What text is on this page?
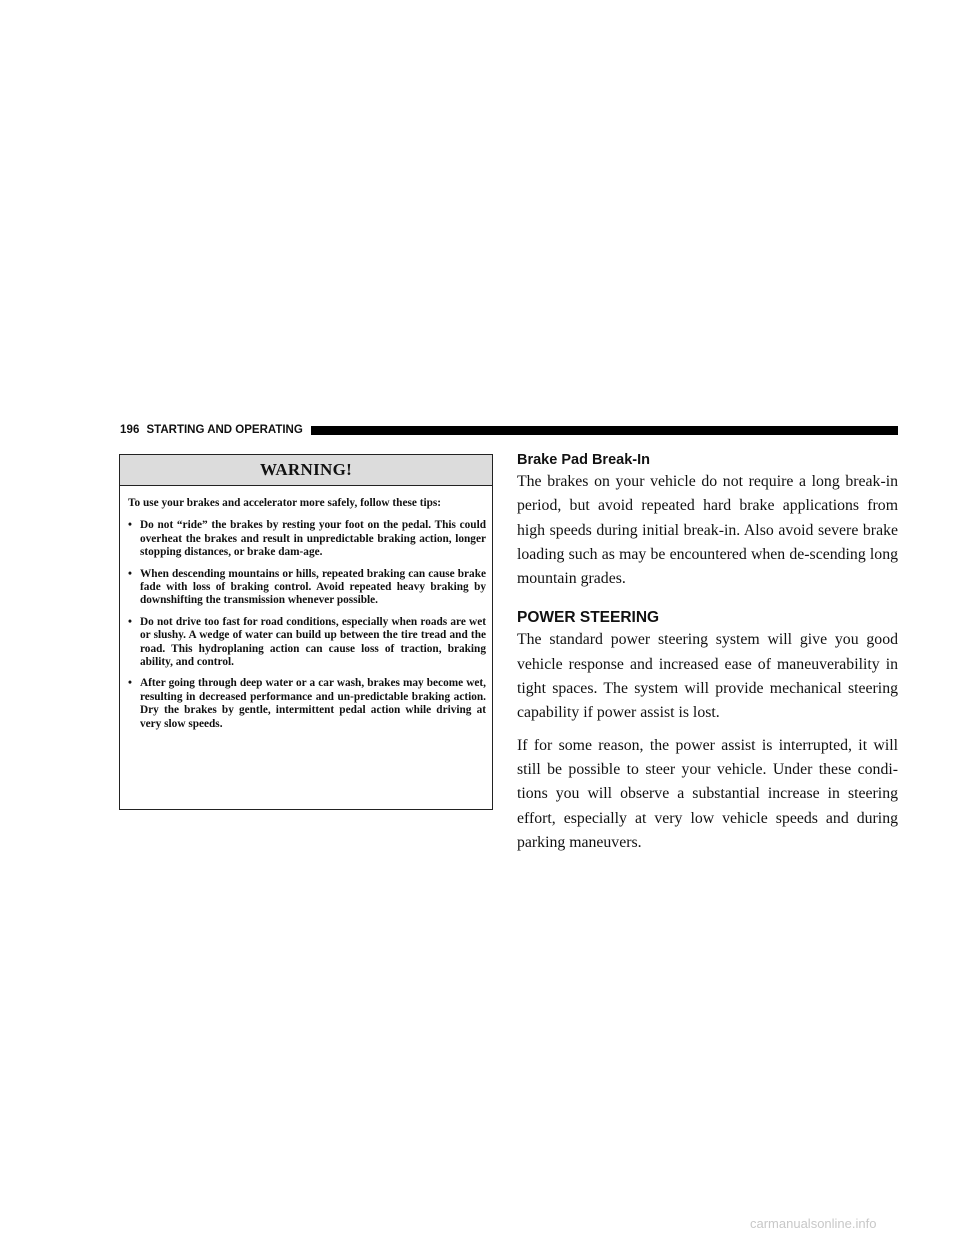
196 STARTING AND OPERATING
WARNING!

To use your brakes and accelerator more safely, follow these tips:

• Do not “ride” the brakes by resting your foot on the pedal. This could overheat the brakes and result in unpredictable braking action, longer stopping distances, or brake dam-age.
• When descending mountains or hills, repeated braking can cause brake fade with loss of braking control. Avoid repeated heavy braking by downshifting the transmission whenever possible.
• Do not drive too fast for road conditions, especially when roads are wet or slushy. A wedge of water can build up between the tire tread and the road. This hydroplaning action can cause loss of traction, braking ability, and control.
• After going through deep water or a car wash, brakes may become wet, resulting in decreased performance and un-predictable braking action. Dry the brakes by gentle, intermittent pedal action while driving at very slow speeds.
Brake Pad Break-In

The brakes on your vehicle do not require a long break-in period, but avoid repeated hard brake applications from high speeds during initial break-in. Also avoid severe brake loading such as may be encountered when de-scending long mountain grades.

POWER STEERING

The standard power steering system will give you good vehicle response and increased ease of maneuverability in tight spaces. The system will provide mechanical steering capability if power assist is lost.

If for some reason, the power assist is interrupted, it will still be possible to steer your vehicle. Under these condi-tions you will observe a substantial increase in steering effort, especially at very low vehicle speeds and during parking maneuvers.

carmanualsonline.info
